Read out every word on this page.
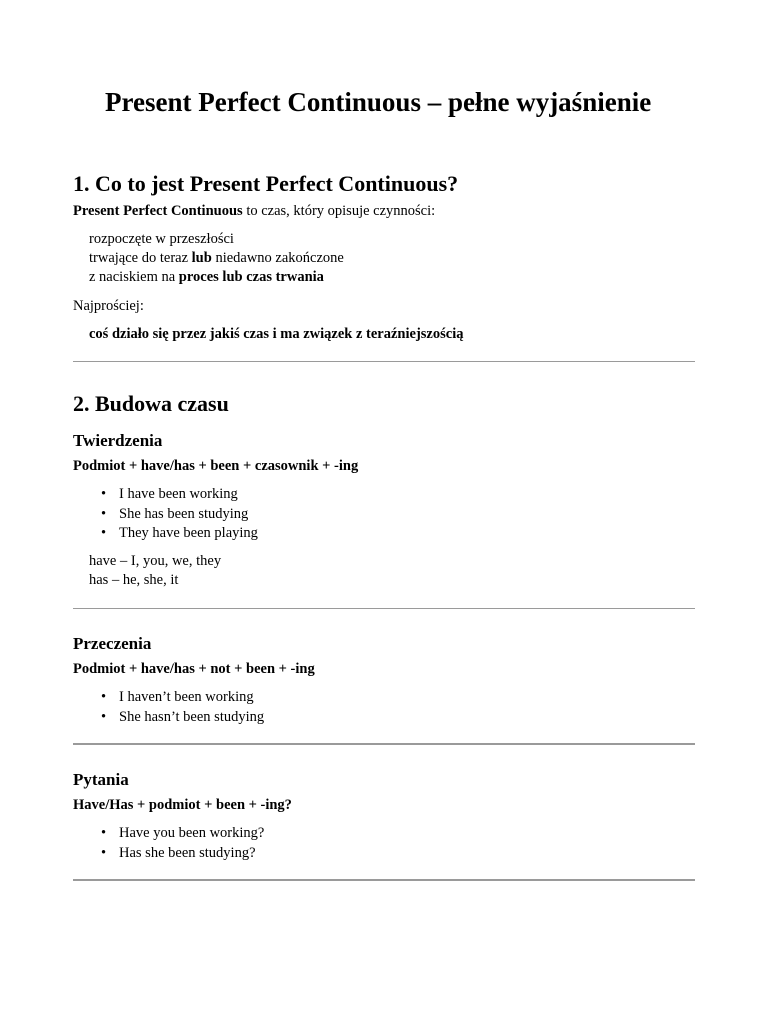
Present Perfect Continuous – pełne wyjaśnienie
1. Co to jest Present Perfect Continuous?
Present Perfect Continuous to czas, który opisuje czynności:
rozpoczęte w przeszłości
trwające do teraz lub niedawno zakończone
z naciskiem na proces lub czas trwania
Najprościej:
coś działo się przez jakiś czas i ma związek z teraźniejszością
2. Budowa czasu
Twierdzenia
Podmiot + have/has + been + czasownik + -ing
• I have been working
• She has been studying
• They have been playing
have – I, you, we, they
has – he, she, it
Przeczenia
Podmiot + have/has + not + been + -ing
• I haven’t been working
• She hasn’t been studying
Pytania
Have/Has + podmiot + been + -ing?
• Have you been working?
• Has she been studying?
